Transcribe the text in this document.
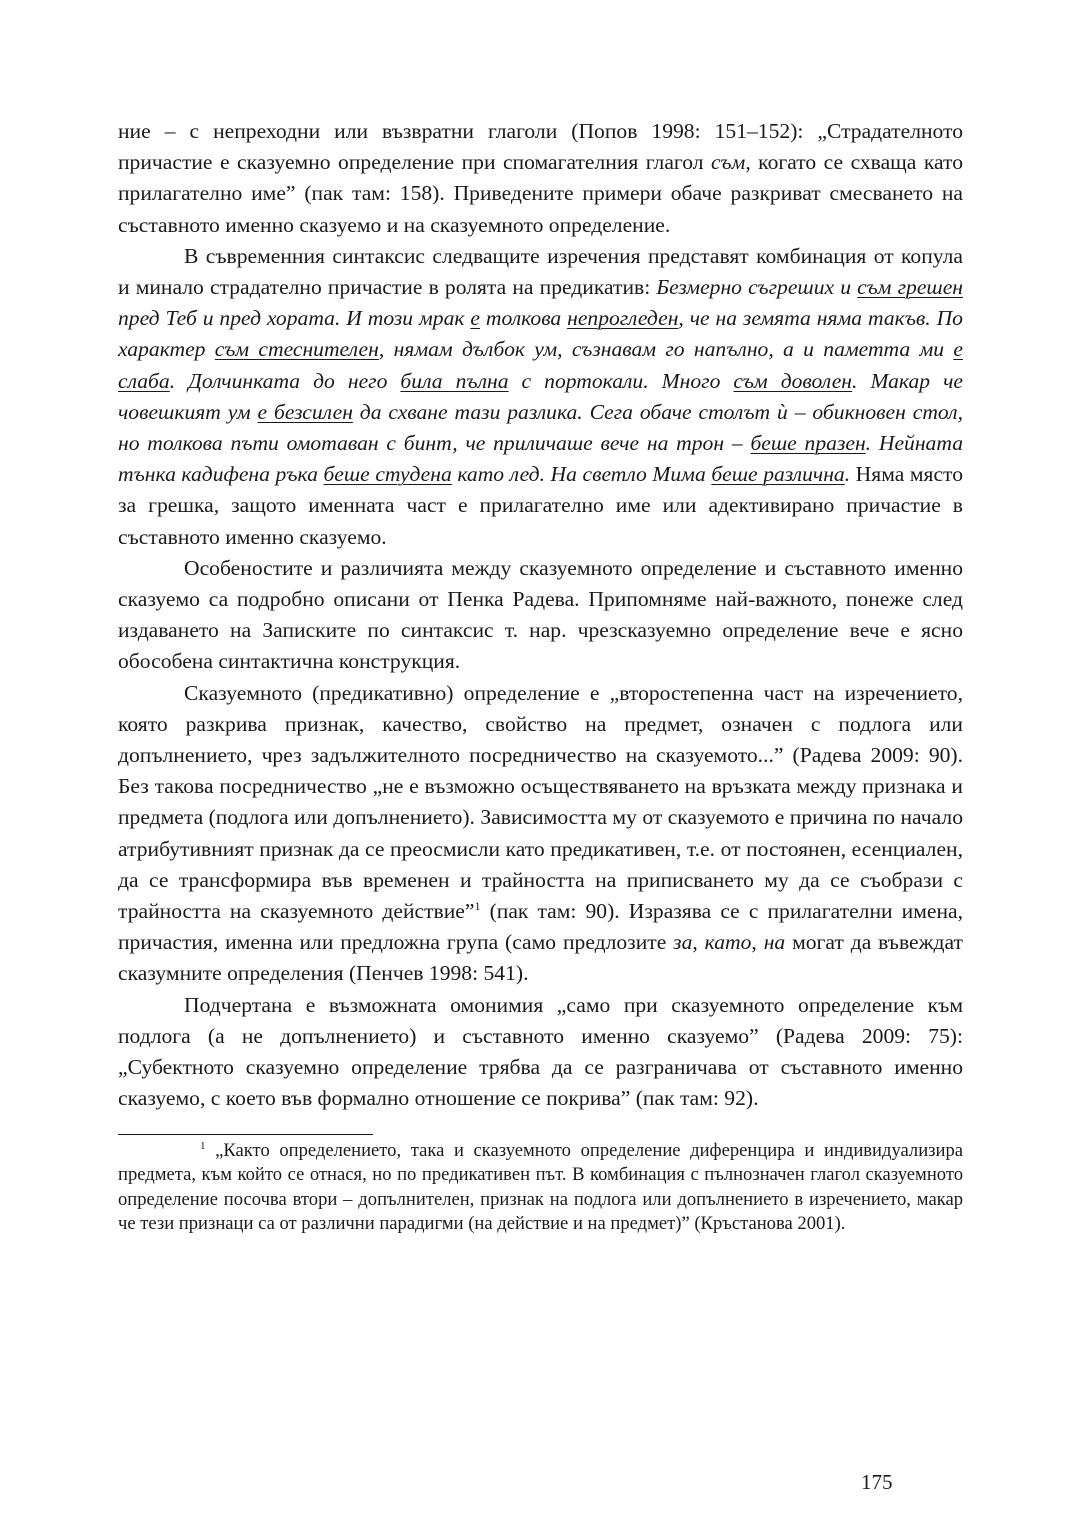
ние – с непреходни или възвратни глаголи (Попов 1998: 151–152): „Страдателното причастие е сказуемно определение при спомагателния глагол съм, когато се схваща като прилагателно име” (пак там: 158). Приведените примери обаче разкриват смесването на съставното именно сказуемо и на сказуемното определение.

В съвременния синтаксис следващите изречения представят комбинация от копула и минало страдателно причастие в ролята на предикатив: Безмерно съгреших и съм грешен пред Теб и пред хората. И този мрак е толкова непрогледен, че на земята няма такъв. По характер съм стеснителен, нямам дълбок ум, съзнавам го напълно, а и паметта ми е слаба. Долчинката до него била пълна с портокали. Много съм доволен. Макар че човешкият ум е безсилен да схване тази разлика. Сега обаче столът ѝ – обикновен стол, но толкова пъти омотаван с бинт, че приличаше вече на трон – беше празен. Нейната тънка кадифена ръка беше студена като лед. На светло Мима беше различна. Няма място за грешка, защото именната част е прилагателно име или адективирано причастие в съставното именно сказуемо.

Особеностите и различията между сказуемното определение и съставното именно сказуемо са подробно описани от Пенка Радева. Припомняме най-важното, понеже след издаването на Записките по синтаксис т. нар. чрезсказуемно определение вече е ясно обособена синтактична конструкция.

Сказуемното (предикативно) определение е „второстепенна част на изречението, която разкрива признак, качество, свойство на предмет, означен с подлога или допълнението, чрез задължителното посредничество на сказуемото...” (Радева 2009: 90). Без такова посредничество „не е възможно осъществяването на връзката между признака и предмета (подлога или допълнението). Зависимостта му от сказуемото е причина по начало атрибутивният признак да се преосмисли като предикативен, т.е. от постоянен, есенциален, да се трансформира във временен и трайността на приписването му да се съобрази с трайността на сказуемното действие”$^1$ (пак там: 90). Изразява се с прилагателни имена, причастия, именна или предложна група (само предлозите за, като, на могат да въвеждат сказумните определения (Пенчев 1998: 541).

Подчертана е възможната омонимия „само при сказуемното определение към подлога (а не допълнението) и съставното именно сказуемо” (Радева 2009: 75): „Субектното сказуемно определение трябва да се разграничава от съставното именно сказуемо, с което във формално отношение се покрива” (пак там: 92).

$^1$ „Както определението, така и сказуемното определение диференцира и индивидуализира предмета, към който се отнася, но по предикативен път. В комбинация с пълнозначен глагол сказуемното определение посочва втори – допълнителен, признак на подлога или допълнението в изречението, макар че тези признаци са от различни парадигми (на действие и на предмет)” (Кръстанова 2001).

175
